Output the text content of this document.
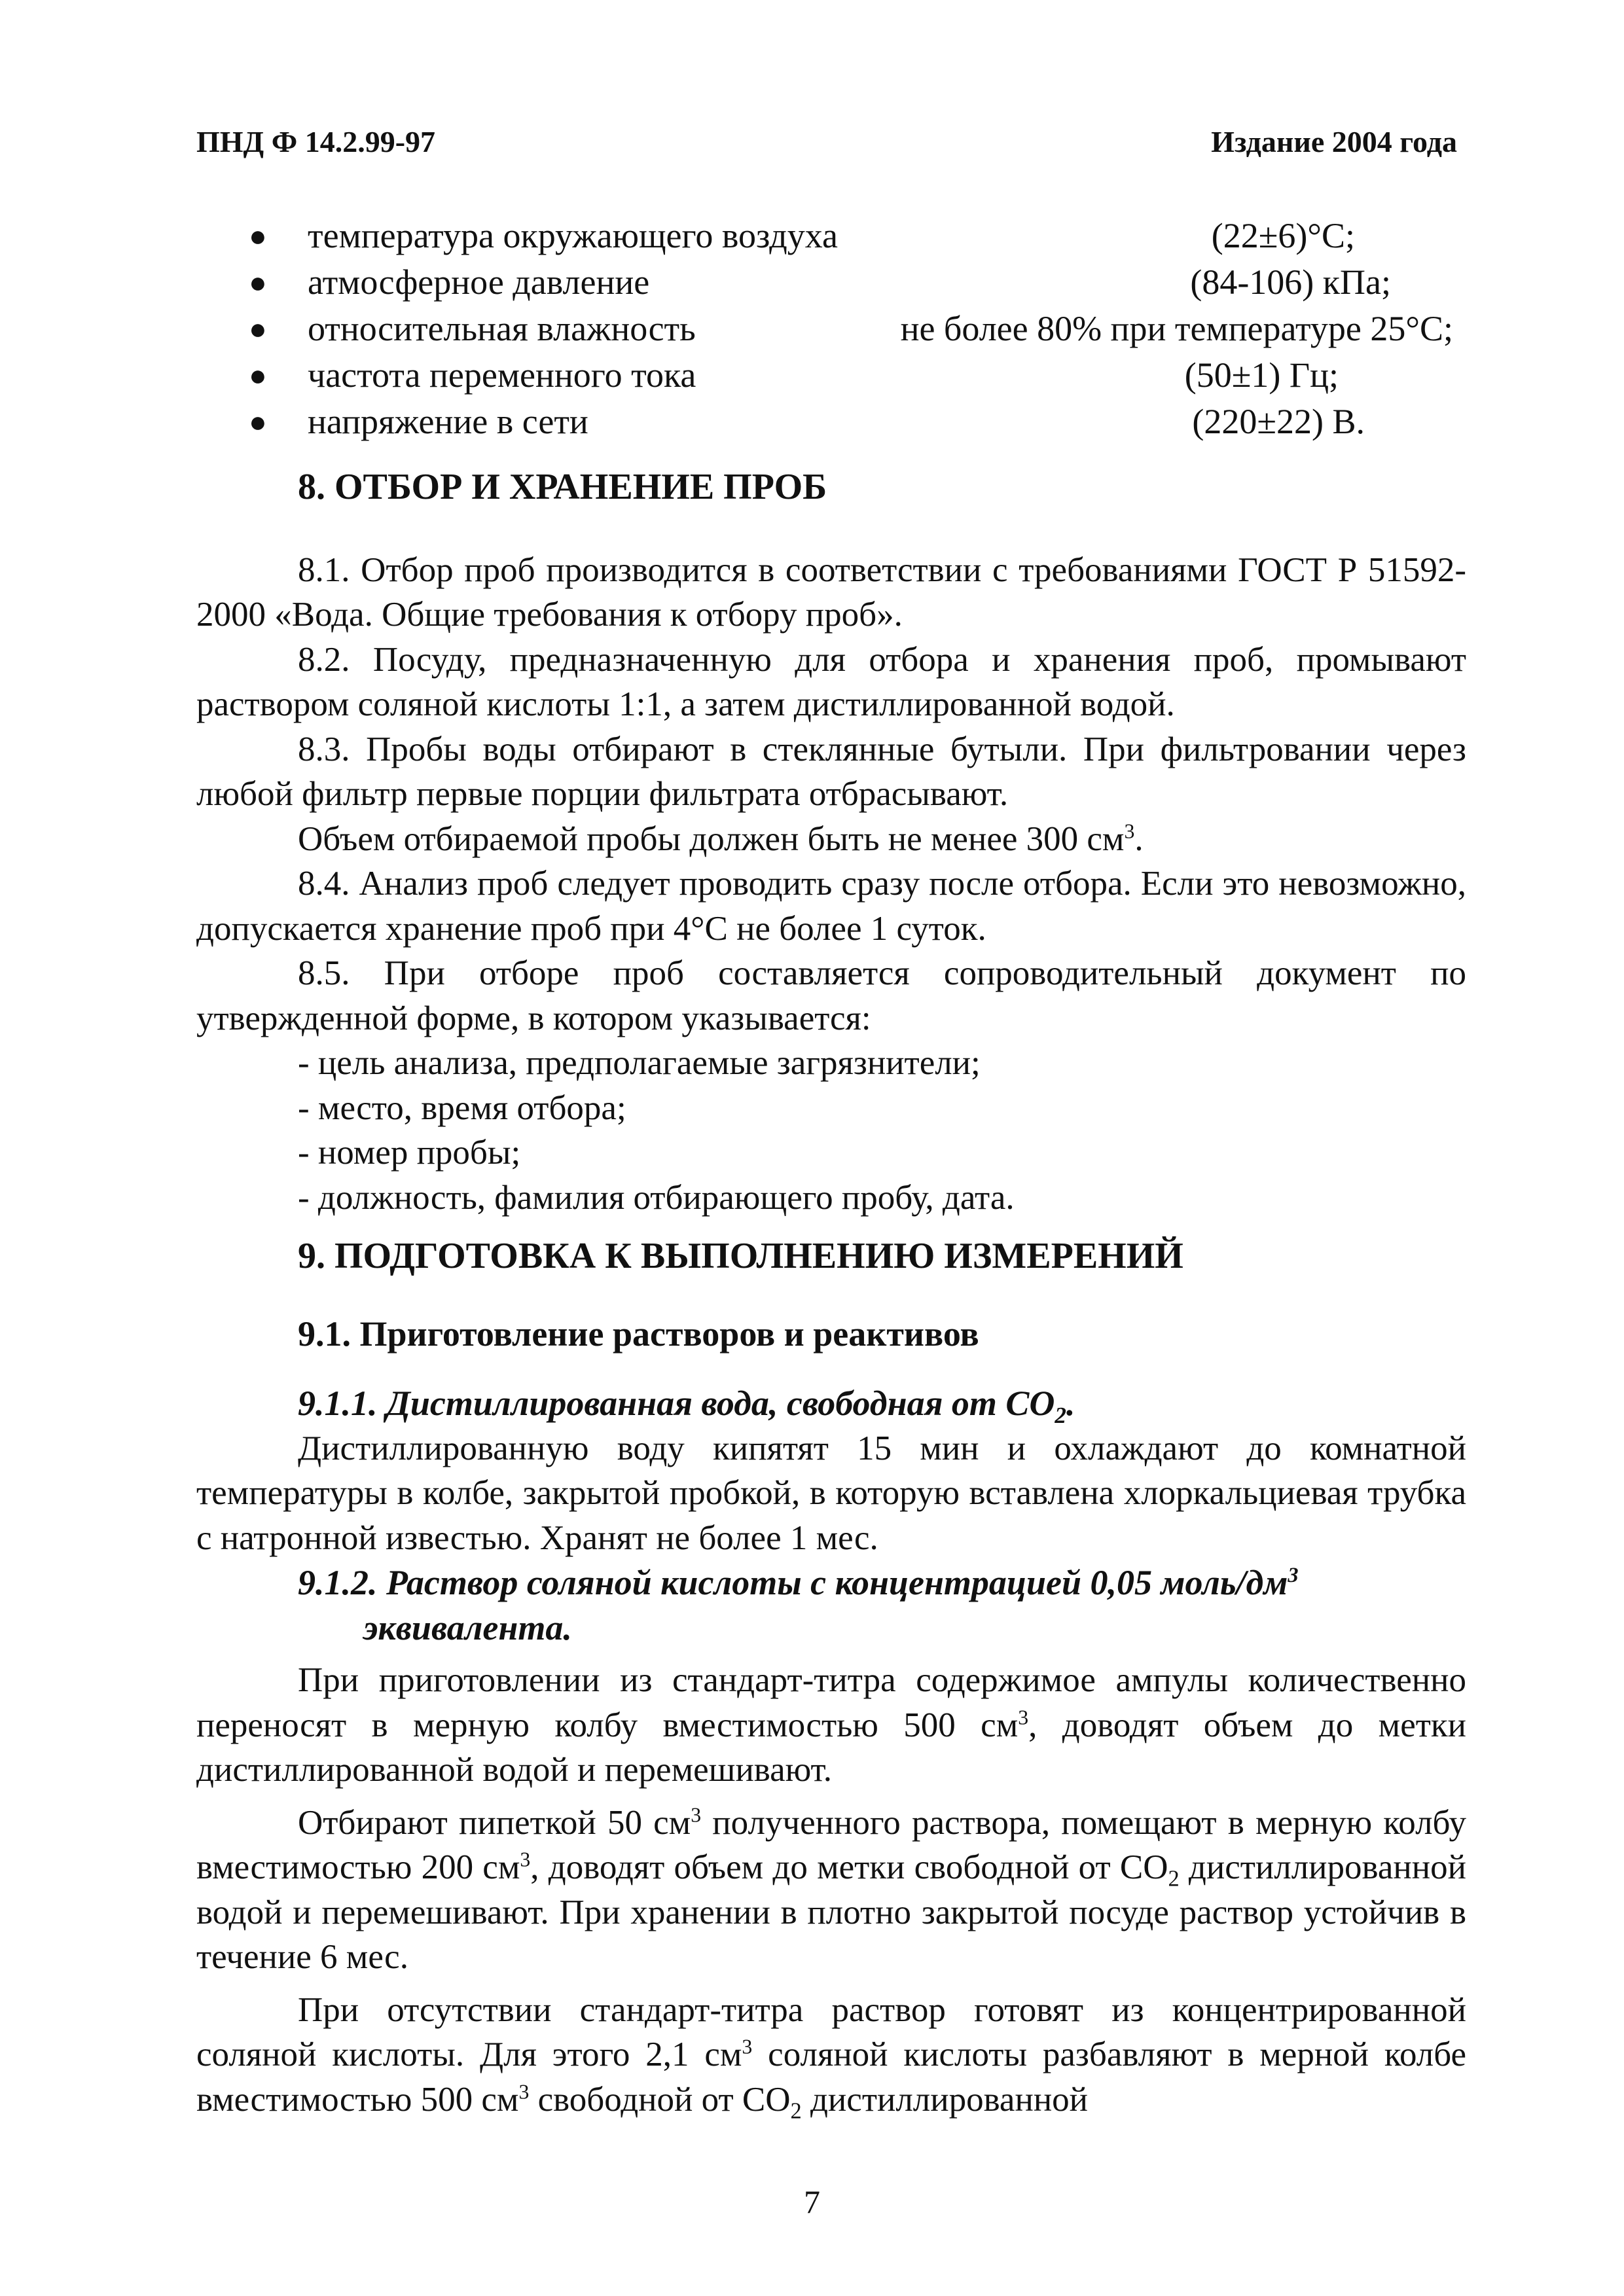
ПНД Ф 14.2.99-97	Издание 2004 года
● температура окружающего воздуха	(22±6)°С;
● атмосферное давление	(84-106) кПа;
● относительная влажность	не более 80% при температуре 25°С;
● частота переменного тока	(50±1) Гц;
● напряжение в сети	(220±22) В.
8. ОТБОР И ХРАНЕНИЕ ПРОБ

8.1. Отбор проб производится в соответствии с требованиями ГОСТ Р 51592-2000 «Вода. Общие требования к отбору проб».

8.2. Посуду, предназначенную для отбора и хранения проб, промывают раствором соляной кислоты 1:1, а затем дистиллированной водой.

8.3. Пробы воды отбирают в стеклянные бутыли. При фильтровании через любой фильтр первые порции фильтрата отбрасывают.

Объем отбираемой пробы должен быть не менее 300 $см^3$.

8.4. Анализ проб следует проводить сразу после отбора. Если это невозможно, допускается хранение проб при 4°С не более 1 суток.

8.5. При отборе проб составляется сопроводительный документ по утвержденной форме, в котором указывается:

- цель анализа, предполагаемые загрязнители;
- место, время отбора;
- номер пробы;
- должность, фамилия отбирающего пробу, дата.
9. ПОДГОТОВКА К ВЫПОЛНЕНИЮ ИЗМЕРЕНИЙ
9.1. Приготовление растворов и реактивов
9.1.1. Дистиллированная вода, свободная от $СО_2$.

Дистиллированную воду кипятят 15 мин и охлаждают до комнатной температуры в колбе, закрытой пробкой, в которую вставлена хлоркальциевая трубка с натронной известью. Хранят не более 1 мес.

9.1.2. Раствор соляной кислоты с концентрацией 0,05 моль/$дм^3$
эквивалента.

При приготовлении из стандарт-титра содержимое ампулы количественно переносят в мерную колбу вместимостью 500 $см^3$, доводят объем до метки дистиллированной водой и перемешивают.

Отбирают пипеткой 50 $см^3$ полученного раствора, помещают в мерную колбу вместимостью 200 $см^3$, доводят объем до метки свободной от $СО_2$ дистиллированной водой и перемешивают. При хранении в плотно закрытой посуде раствор устойчив в течение 6 мес.

При отсутствии стандарт-титра раствор готовят из концентрированной соляной кислоты. Для этого 2,1 $см^3$ соляной кислоты разбавляют в мерной колбе вместимостью 500 $см^3$ свободной от $СО_2$ дистиллированной

7
